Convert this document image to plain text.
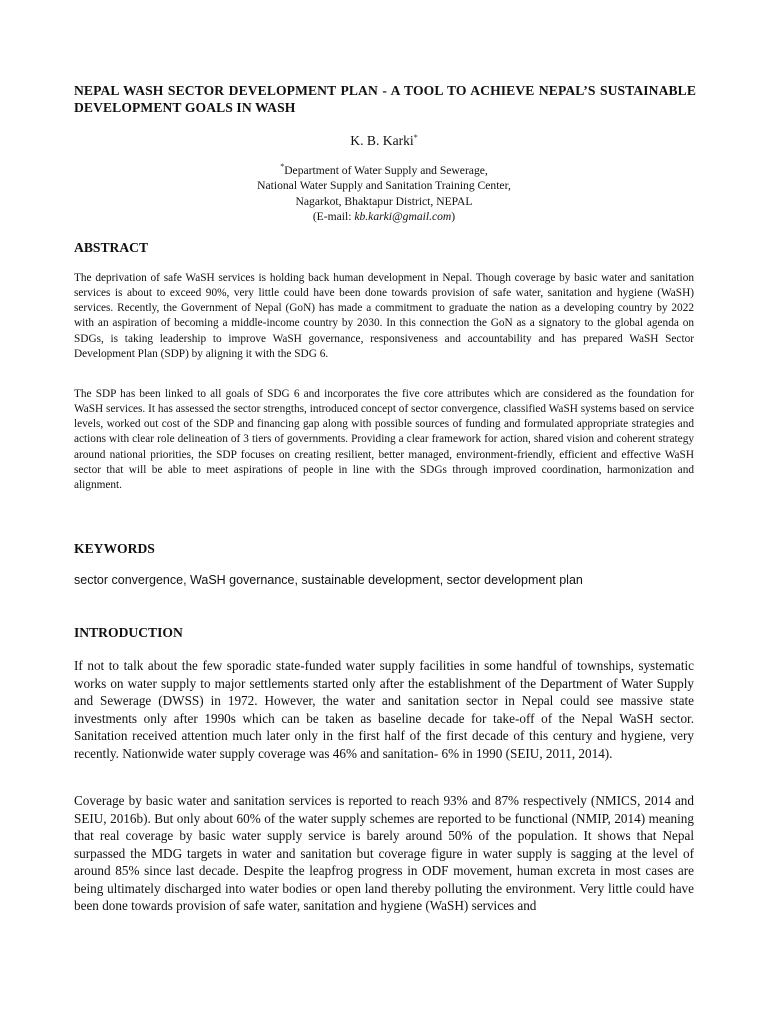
NEPAL WASH SECTOR DEVELOPMENT PLAN - A TOOL TO ACHIEVE NEPAL’S SUSTAINABLE DEVELOPMENT GOALS IN WASH
K. B. Karki*
*Department of Water Supply and Sewerage,
National Water Supply and Sanitation Training Center,
Nagarkot, Bhaktapur District, NEPAL
(E-mail: kb.karki@gmail.com)
ABSTRACT
The deprivation of safe WaSH services is holding back human development in Nepal. Though coverage by basic water and sanitation services is about to exceed 90%, very little could have been done towards provision of safe water, sanitation and hygiene (WaSH) services. Recently, the Government of Nepal (GoN) has made a commitment to graduate the nation as a developing country by 2022 with an aspiration of becoming a middle-income country by 2030. In this connection the GoN as a signatory to the global agenda on SDGs, is taking leadership to improve WaSH governance, responsiveness and accountability and has prepared WaSH Sector Development Plan (SDP) by aligning it with the SDG 6.
The SDP has been linked to all goals of SDG 6 and incorporates the five core attributes which are considered as the foundation for WaSH services. It has assessed the sector strengths, introduced concept of sector convergence, classified WaSH systems based on service levels, worked out cost of the SDP and financing gap along with possible sources of funding and formulated appropriate strategies and actions with clear role delineation of 3 tiers of governments. Providing a clear framework for action, shared vision and coherent strategy around national priorities, the SDP focuses on creating resilient, better managed, environment-friendly, efficient and effective WaSH sector that will be able to meet aspirations of people in line with the SDGs through improved coordination, harmonization and alignment.
KEYWORDS
sector convergence, WaSH governance, sustainable development, sector development plan
INTRODUCTION
If not to talk about the few sporadic state-funded water supply facilities in some handful of townships, systematic works on water supply to major settlements started only after the establishment of the Department of Water Supply and Sewerage (DWSS) in 1972. However, the water and sanitation sector in Nepal could see massive state investments only after 1990s which can be taken as baseline decade for take-off of the Nepal WaSH sector. Sanitation received attention much later only in the first half of the first decade of this century and hygiene, very recently. Nationwide water supply coverage was 46% and sanitation- 6% in 1990 (SEIU, 2011, 2014).
Coverage by basic water and sanitation services is reported to reach 93% and 87% respectively (NMICS, 2014 and SEIU, 2016b). But only about 60% of the water supply schemes are reported to be functional (NMIP, 2014) meaning that real coverage by basic water supply service is barely around 50% of the population. It shows that Nepal surpassed the MDG targets in water and sanitation but coverage figure in water supply is sagging at the level of around 85% since last decade. Despite the leapfrog progress in ODF movement, human excreta in most cases are being ultimately discharged into water bodies or open land thereby polluting the environment. Very little could have been done towards provision of safe water, sanitation and hygiene (WaSH) services and
